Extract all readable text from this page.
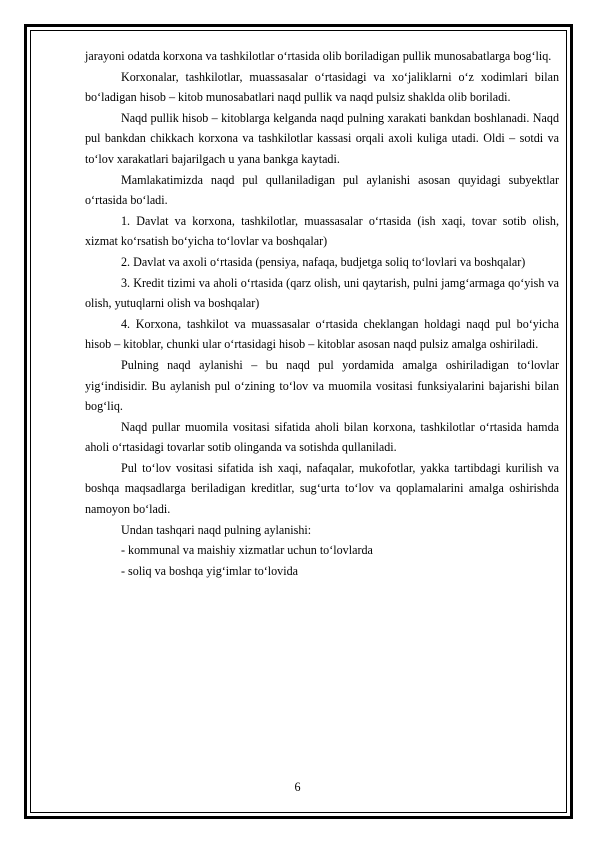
jarayoni odatda korxona va tashkilotlar o‘rtasida olib boriladigan pullik munosabatlarga bog‘liq.

Korxonalar, tashkilotlar, muassasalar o‘rtasidagi va xo‘jaliklarni o‘z xodimlari bilan bo‘ladigan hisob – kitob munosabatlari naqd pullik va naqd pulsiz shaklda olib boriladi.

Naqd pullik hisob – kitoblarga kelganda naqd pulning xarakati bankdan boshlanadi. Naqd pul bankdan chikkach korxona va tashkilotlar kassasi orqali axoli kuliga utadi. Oldi – sotdi va to‘lov xarakatlari bajarilgach u yana bankga kaytadi.

Mamlakatimizda naqd pul qullaniladigan pul aylanishi asosan quyidagi subyektlar o‘rtasida bo‘ladi.

1. Davlat va korxona, tashkilotlar, muassasalar o‘rtasida (ish xaqi, tovar sotib olish, xizmat ko‘rsatish bo‘yicha to‘lovlar va boshqalar)

2. Davlat va axoli o‘rtasida (pensiya, nafaqa, budjetga soliq to‘lovlari va boshqalar)

3. Kredit tizimi va aholi o‘rtasida (qarz olish, uni qaytarish, pulni jamg‘armaga qo‘yish va olish, yutuqlarni olish va boshqalar)

4. Korxona, tashkilot va muassasalar o‘rtasida cheklangan holdagi naqd pul bo‘yicha hisob – kitoblar, chunki ular o‘rtasidagi hisob – kitoblar asosan naqd pulsiz amalga oshiriladi.

Pulning naqd aylanishi – bu naqd pul yordamida amalga oshiriladigan to‘lovlar yig‘indisidir. Bu aylanish pul o‘zining to‘lov va muomila vositasi funksiyalarini bajarishi bilan bog‘liq.

Naqd pullar muomila vositasi sifatida aholi bilan korxona, tashkilotlar o‘rtasida hamda aholi o‘rtasidagi tovarlar sotib olinganda va sotishda qullaniladi.

Pul to‘lov vositasi sifatida ish xaqi, nafaqalar, mukofotlar, yakka tartibdagi kurilish va boshqa maqsadlarga beriladigan kreditlar, sug‘urta to‘lov va qoplamalarini amalga oshirishda namoyon bo‘ladi.

Undan tashqari naqd pulning aylanishi:

- kommunal va maishiy xizmatlar uchun to‘lovlarda

- soliq va boshqa yig‘imlar to‘lovida

6
